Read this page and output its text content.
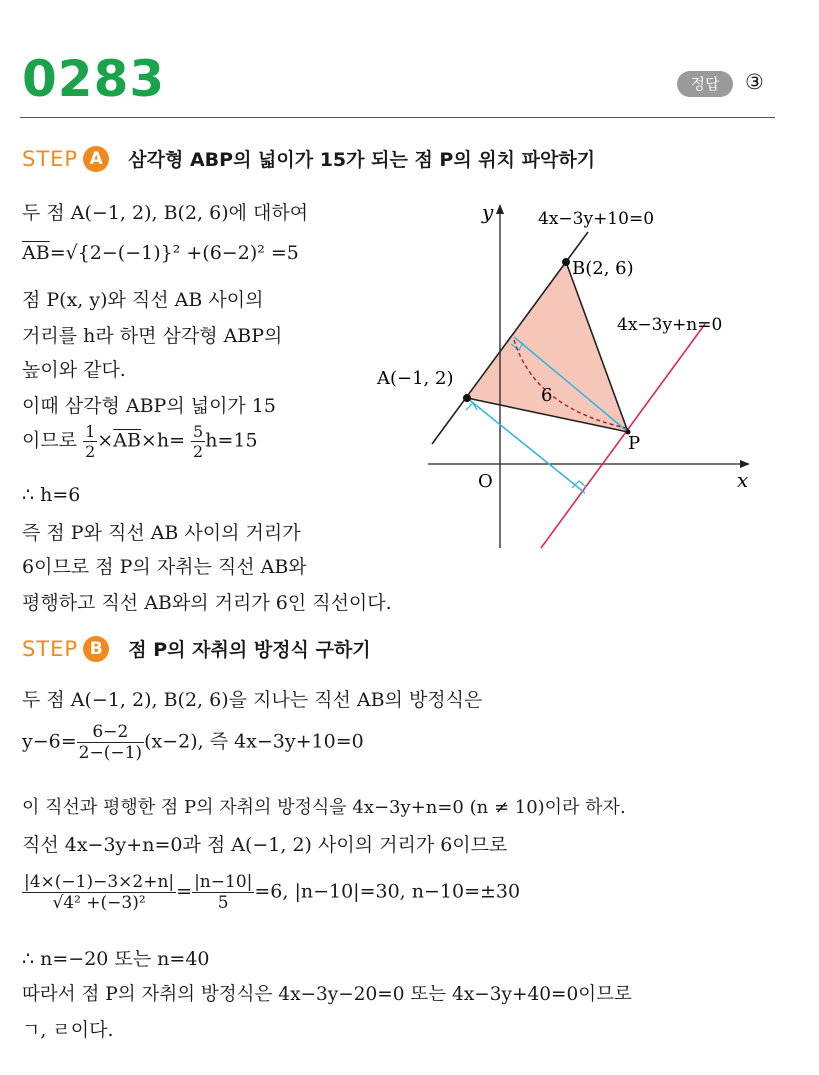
0283	정답	③
STEP A 삼각형 ABP의 넓이가 15가 되는 점 P의 위치 파악하기
두 점 A(−1, 2), B(2, 6)에 대하여
$\overline{AB}=√\{2-(-1)\}^2 +(6-2)^2 =5$
점 P(x, y)와 직선 AB 사이의
거리를 h라 하면 삼각형 ABP의
높이와 같다.
이때 삼각형 ABP의 넓이가 15
이므로 $\frac{1}{2} \times\overline{AB}\times h= \frac{5}{2} h=15$
∴ h=6
즉 점 P와 직선 AB 사이의 거리가
6이므로 점 P의 자취는 직선 AB와
평행하고 직선 AB와의 거리가 6인 직선이다.
y
x
O
4x−3y+10=0
4x−3y+n=0
A(−1, 2)
B(2, 6)
P
6
STEP B 점 P의 자취의 방정식 구하기
두 점 A(−1, 2), B(2, 6)을 지나는 직선 AB의 방정식은
$y-6= \frac{6-2}{2-(-1)} (x-2)$, 즉 4x−3y+10=0
이 직선과 평행한 점 P의 자취의 방정식을 4x−3y+n=0 (n ≠ 10)이라 하자.
직선 4x−3y+n=0과 점 A(−1, 2) 사이의 거리가 6이므로
$\frac{|4\times(-1)-3\times 2+n|}{\text{√4² +(−3)²}} = \frac{|n-10|}{5} =6$, |n−10|=30, n−10=±30
∴ n=−20 또는 n=40
따라서 점 P의 자취의 방정식은 4x−3y−20=0 또는 4x−3y+40=0이므로
ㄱ, ㄹ이다.
